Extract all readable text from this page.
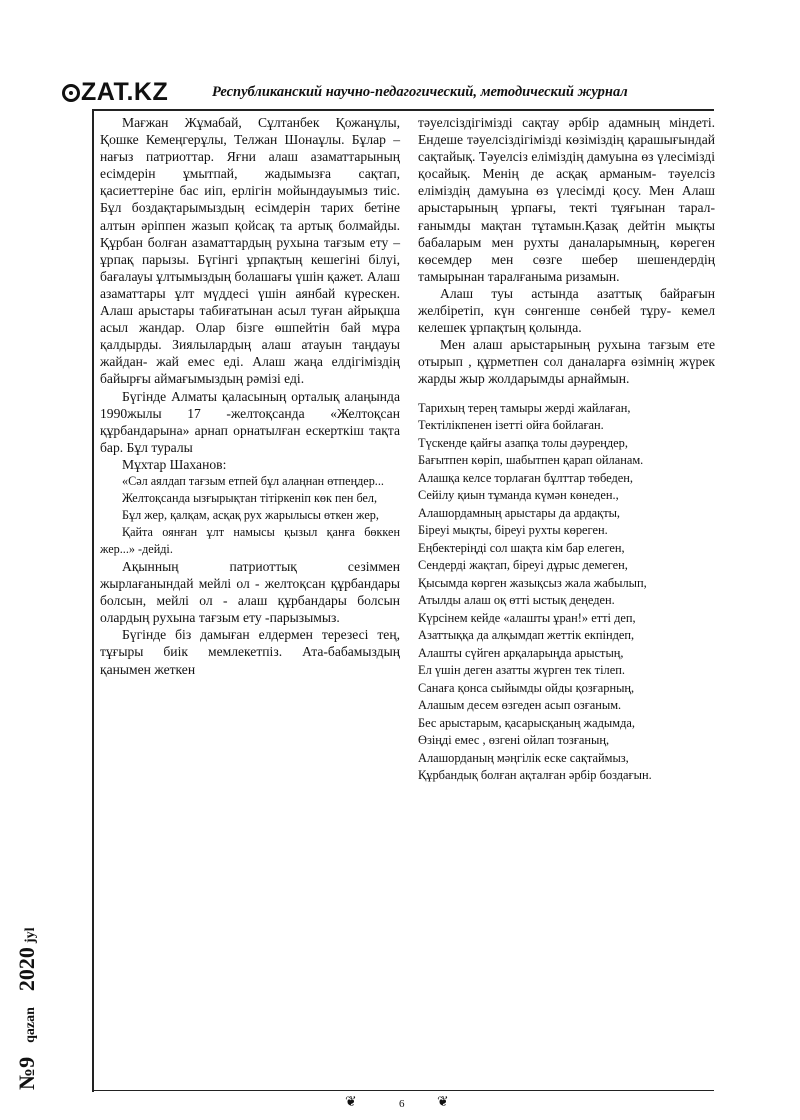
ZAT.KZ	Республиканский научно-педагогический, методический журнал
№9qazan2020 jyl

Мағжан Жұмабай, Сұлтанбек Қожанұлы, Қошке Кемеңгерұлы, Телжан Шонаұлы. Бұлар – нағыз патриоттар. Яғни алаш азаматтарының есімдерін ұмытпай, жадымызға сақтап, қасиеттеріне бас иіп, ерлігін мойындауымыз тиіс. Бұл боздақтарымыздың есімдерін тарих бетіне алтын әріппен жазып қойсақ та артық болмайды. Құрбан болған азаматтардың рухына тағзым ету – ұрпақ парызы. Бүгінгі ұрпақтың кешегіні білуі, бағалауы ұлтымыздың болашағы үшін қажет. Алаш азаматтары ұлт мүддесі үшін аянбай күрескен. Алаш арыстары табиғатынан асыл туған айрықша асыл жандар. Олар бізге өшпейтін бай мұра қалдырды. Зиялылардың алаш атауын таңдауы жайдан- жай емес еді. Алаш жаңа елдігіміздің байырғы аймағымыздың рәмізі еді.

Бүгінде Алматы қаласының орталық алаңында 1990жылы 17 -желтоқсанда «Желтоқсан құрбандарына» арнап орнатылған ескерткіш тақта бар. Бұл туралы

Мұхтар Шаханов:

«Сәл аялдап тағзым етпей бұл алаңнан өтпеңдер...

Желтоқсанда ызғырықтан тітіркеніп көк пен бел,

Бұл жер, қалқам, асқақ рух жарылысы өткен жер,

Қайта оянған ұлт намысы қызыл қанға бөккен жер...» -дейді.

Ақынның патриоттық сезіммен жырлағанындай мейлі ол - желтоқсан құрбандары болсын, мейлі ол - алаш құрбандары болсын олардың рухына тағзым ету -парызымыз.

Бүгінде біз дамыған елдермен терезесі тең, тұғыры биік мемлекетпіз. Ата-бабамыздың қанымен жеткен

тәуелсіздігімізді сақтау әрбір адамның міндеті. Ендеше тәуелсіздігімізді көзіміздің қарашығындай сақтайық. Тәуелсіз еліміздің дамуына өз үлесімізді қосайық. Менің де асқақ арманым- тәуелсіз еліміздің дамуына өз үлесімді қосу. Мен Алаш арыстарының ұрпағы, текті тұяғынан таралғанымды мақтан тұтамын.Қазақ дейтін мықты бабаларым мен рухты даналарымның, көреген көсемдер мен сөзге шебер шешендердің тамырынан таралғаныма ризамын.

Алаш туы астында азаттық байрағын желбіретіп, күн сөнгенше сөнбей тұру- кемел келешек ұрпақтың қолында.

Мен алаш арыстарының рухына тағзым ете отырып , құрметпен сол даналарға өзімнің жүрек жарды жыр жолдарымды арнаймын.

Тарихың терең тамыры жерді жайлаған,
Тектілікпенен ізетті ойға бойлаған.
Түскенде қайғы азапқа толы дәуреңдер,
Бағытпен көріп, шабытпен қарап ойланам.
Алашқа келсе торлаған бұлттар төбеден,
Сейілу қиын тұманда күмән көнеден.,
Алашордамның арыстары да ардақты,
Біреуі мықты, біреуі рухты көреген.
Еңбектеріңді сол шақта кім бар елеген,
Сендерді жақтап, біреуі дұрыс демеген,
Қысымда көрген жазықсыз жала жабылып,
Атылды алаш оқ өтті ыстық деңеден.
Күрсінем кейде «алашты ұран!» етті деп,
Азаттыққа да алқымдап жеттік екпіндеп,
Алашты сүйген арқаларыңда арыстың,
Ел үшін деген азатты жүрген тек тілеп.
Санаға қонса сыйымды ойды қозғарның,
Алашым десем өзгеден асып озғаным.
Бес арыстарым, қасарысқаның жадымда,
Өзіңді емес , өзгені ойлап тозғаның,
Алашорданың мәңгілік еске сақтаймыз,
Құрбандық болған ақталған әрбір боздағын.
❦	6 ❦
